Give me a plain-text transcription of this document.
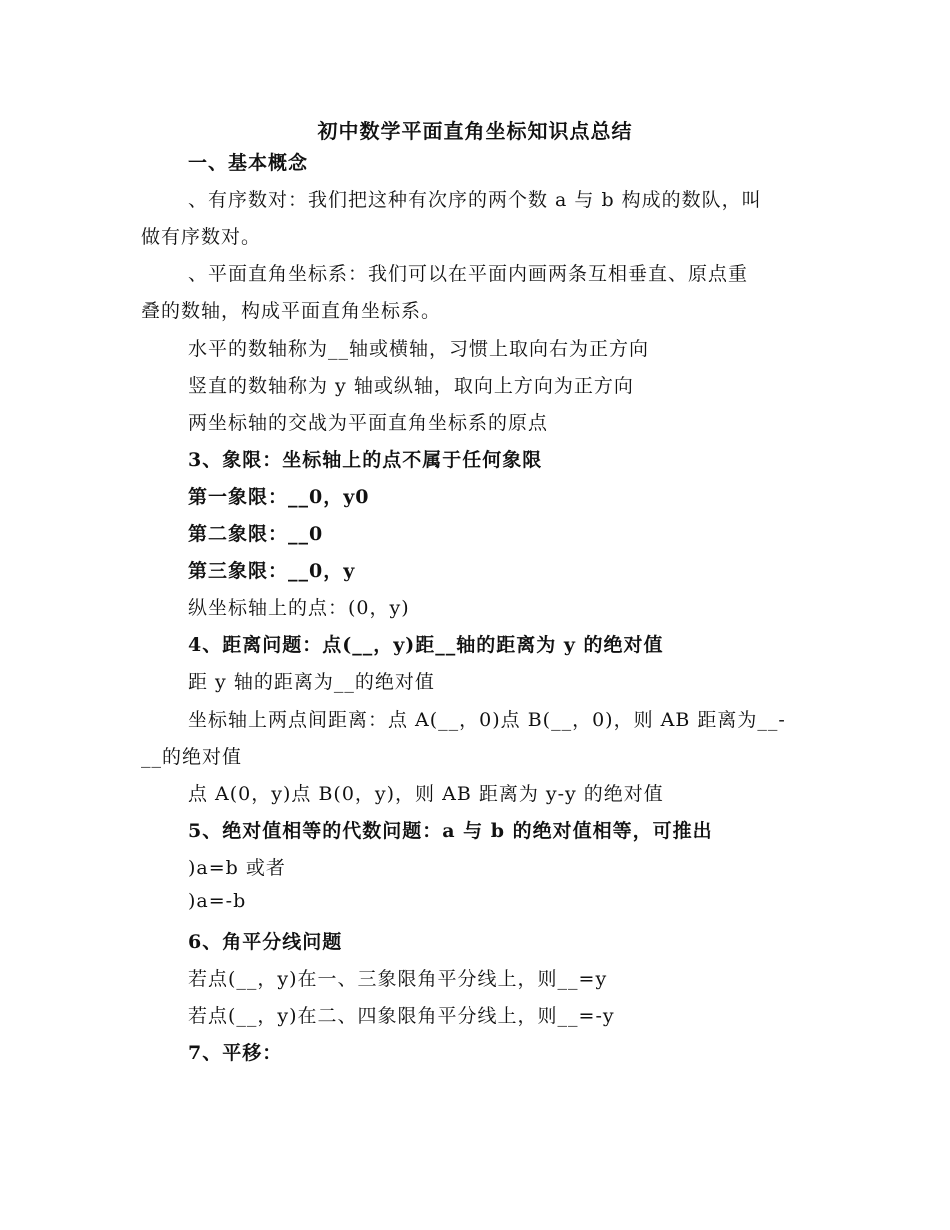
初中数学平面直角坐标知识点总结
一、基本概念
、有序数对：我们把这种有次序的两个数 a 与 b 构成的数队，叫
做有序数对。
、平面直角坐标系：我们可以在平面内画两条互相垂直、原点重
叠的数轴，构成平面直角坐标系。
水平的数轴称为__轴或横轴，习惯上取向右为正方向
竖直的数轴称为 y 轴或纵轴，取向上方向为正方向
两坐标轴的交战为平面直角坐标系的原点
3、象限：坐标轴上的点不属于任何象限
第一象限：__0，y0
第二象限：__0
第三象限：__0，y
纵坐标轴上的点：(0，y)
4、距离问题：点(__，y)距__轴的距离为 y 的绝对值
距 y 轴的距离为__的绝对值
坐标轴上两点间距离：点 A(__，0)点 B(__，0)，则 AB 距离为__-
__的绝对值
点 A(0，y)点 B(0，y)，则 AB 距离为 y-y 的绝对值
5、绝对值相等的代数问题：a 与 b 的绝对值相等，可推出
)a=b 或者
)a=-b
6、角平分线问题
若点(__，y)在一、三象限角平分线上，则__=y
若点(__，y)在二、四象限角平分线上，则__=-y
7、平移：
